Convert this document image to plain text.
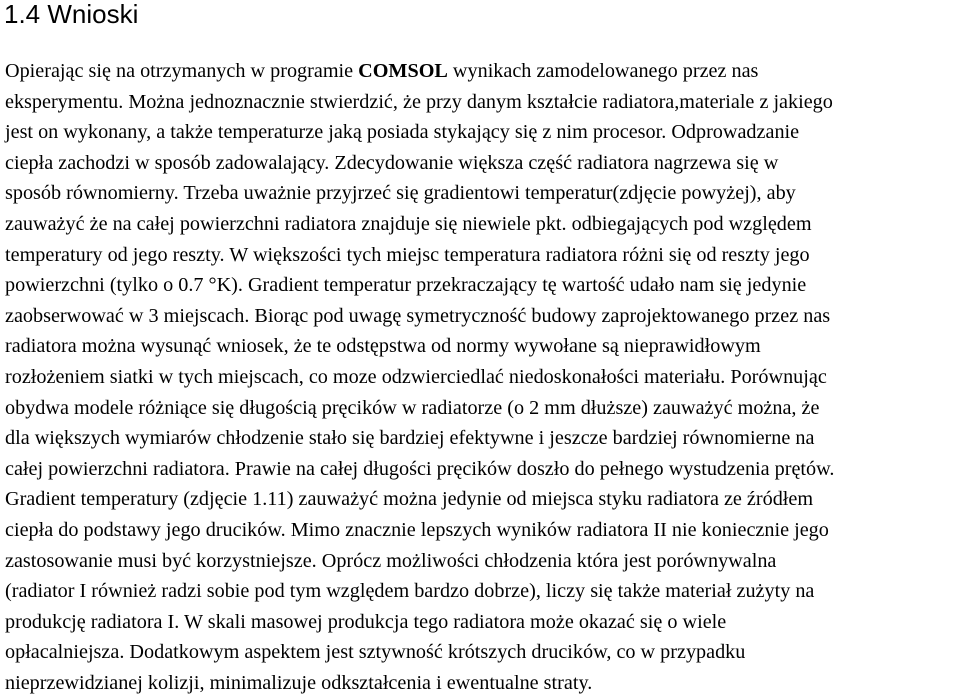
1.4 Wnioski
Opierając się na otrzymanych w programie COMSOL wynikach zamodelowanego przez nas
eksperymentu. Można jednoznacznie stwierdzić, że przy danym kształcie radiatora,materiale z jakiego
jest on wykonany, a także temperaturze jaką posiada stykający się z nim procesor. Odprowadzanie
ciepła zachodzi w sposób zadowalający. Zdecydowanie większa część radiatora nagrzewa się w
sposób równomierny. Trzeba uważnie przyjrzeć się gradientowi temperatur(zdjęcie powyżej), aby
zauważyć że na całej powierzchni radiatora znajduje się niewiele pkt. odbiegających pod względem
temperatury od jego reszty. W większości tych miejsc temperatura radiatora różni się od reszty jego
powierzchni (tylko o 0.7 °K). Gradient temperatur przekraczający tę wartość udało nam się jedynie
zaobserwować w 3 miejscach. Biorąc pod uwagę symetryczność budowy zaprojektowanego przez nas
radiatora można wysunąć wniosek, że te odstępstwa od normy wywołane są nieprawidłowym
rozłożeniem siatki w tych miejscach, co moze odzwierciedlać niedoskonałości materiału. Porównując
obydwa modele różniące się długością pręcików w radiatorze (o 2 mm dłuższe) zauważyć można, że
dla większych wymiarów chłodzenie stało się bardziej efektywne i jeszcze bardziej równomierne na
całej powierzchni radiatora. Prawie na całej długości pręcików doszło do pełnego wystudzenia prętów.
Gradient temperatury (zdjęcie 1.11) zauważyć można jedynie od miejsca styku radiatora ze źródłem
ciepła do podstawy jego drucików. Mimo znacznie lepszych wyników radiatora II nie koniecznie jego
zastosowanie musi być korzystniejsze. Oprócz możliwości chłodzenia która jest porównywalna
(radiator I również radzi sobie pod tym względem bardzo dobrze), liczy się także materiał zużyty na
produkcję radiatora I. W skali masowej produkcja tego radiatora może okazać się o wiele
opłacalniejsza. Dodatkowym aspektem jest sztywność krótszych drucików, co w przypadku
nieprzewidzianej kolizji, minimalizuje odkształcenia i ewentualne straty.
